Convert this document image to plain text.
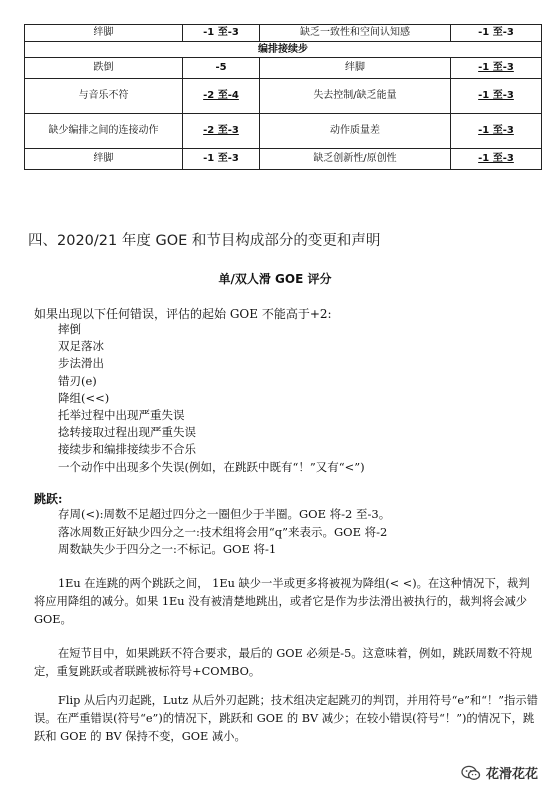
绊脚	-1 至-3	缺乏一致性和空间认知感	-1 至-3
编排接续步			
跌倒	-5	绊脚	-1 至-3
与音乐不符	-2 至-4	失去控制/缺乏能量	-1 至-3
缺少编排之间的连接动作	-2 至-3	动作质量差	-1 至-3
绊脚	-1 至-3	缺乏创新性/原创性	-1 至-3
四、2020/21 年度 GOE 和节目构成部分的变更和声明
单/双人滑 GOE 评分
如果出现以下任何错误，评估的起始 GOE 不能高于+2:
摔倒
双足落冰
步法滑出
错刃(e)
降组(<<)
托举过程中出现严重失误
捻转接取过程出现严重失误
接续步和编排接续步不合乐
一个动作中出现多个失误(例如，在跳跃中既有“！”又有“<”)
跳跃:
存周(<):周数不足超过四分之一圈但少于半圈。GOE 将-2 至-3。
落冰周数正好缺少四分之一:技术组将会用“q”来表示。GOE 将-2
周数缺失少于四分之一:不标记。GOE 将-1

1Eu 在连跳的两个跳跃之间， 1Eu 缺少一半或更多将被视为降组(< <)。在这种情况下，裁判将应用降组的减分。如果 1Eu 没有被清楚地跳出，或者它是作为步法滑出被执行的，裁判将会减少 GOE。

在短节目中，如果跳跃不符合要求，最后的 GOE 必须是-5。这意味着，例如，跳跃周数不符规定，重复跳跃或者联跳被标符号+COMBO。

Flip 从后内刃起跳，Lutz 从后外刃起跳；技术组决定起跳刃的判罚，并用符号“e”和“！”指示错误。在严重错误(符号“e”)的情况下，跳跃和 GOE 的 BV 减少；在较小错误(符号“！”)的情况下，跳跃和 GOE 的 BV 保持不变，GOE 减小。

花滑花花
